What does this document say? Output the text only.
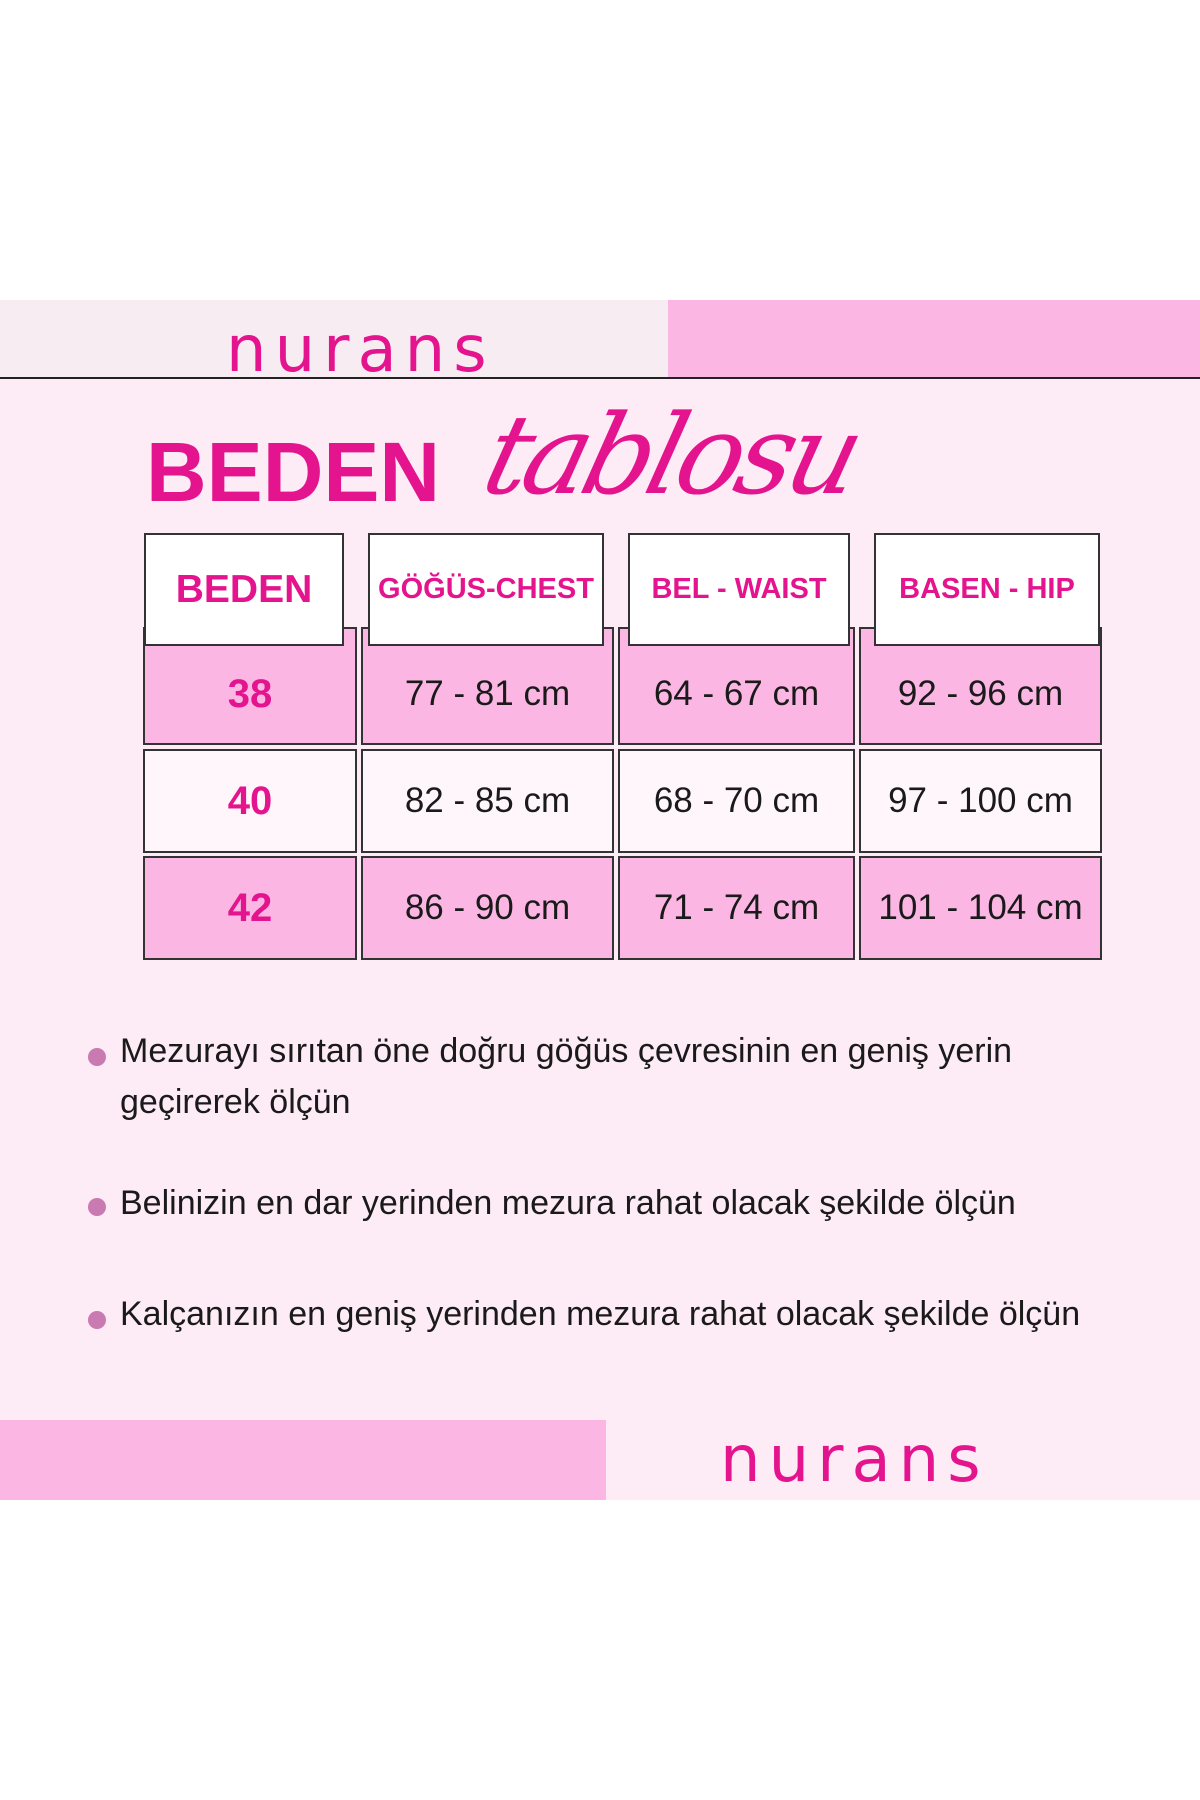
nurans
BEDEN tablosu
BEDEN	GÖĞÜS-CHEST	BEL - WAIST	BASEN - HIP
38	77 - 81 cm	64 - 67 cm	92 - 96 cm
40	82 - 85 cm	68 - 70 cm	97 - 100 cm
42	86 - 90 cm	71 - 74 cm	101 - 104 cm
Mezurayı sırıtan öne doğru göğüs çevresinin en geniş yerin geçirerek ölçün
Belinizin en dar yerinden mezura rahat olacak şekilde ölçün
Kalçanızın en geniş yerinden mezura rahat olacak şekilde ölçün
nurans
